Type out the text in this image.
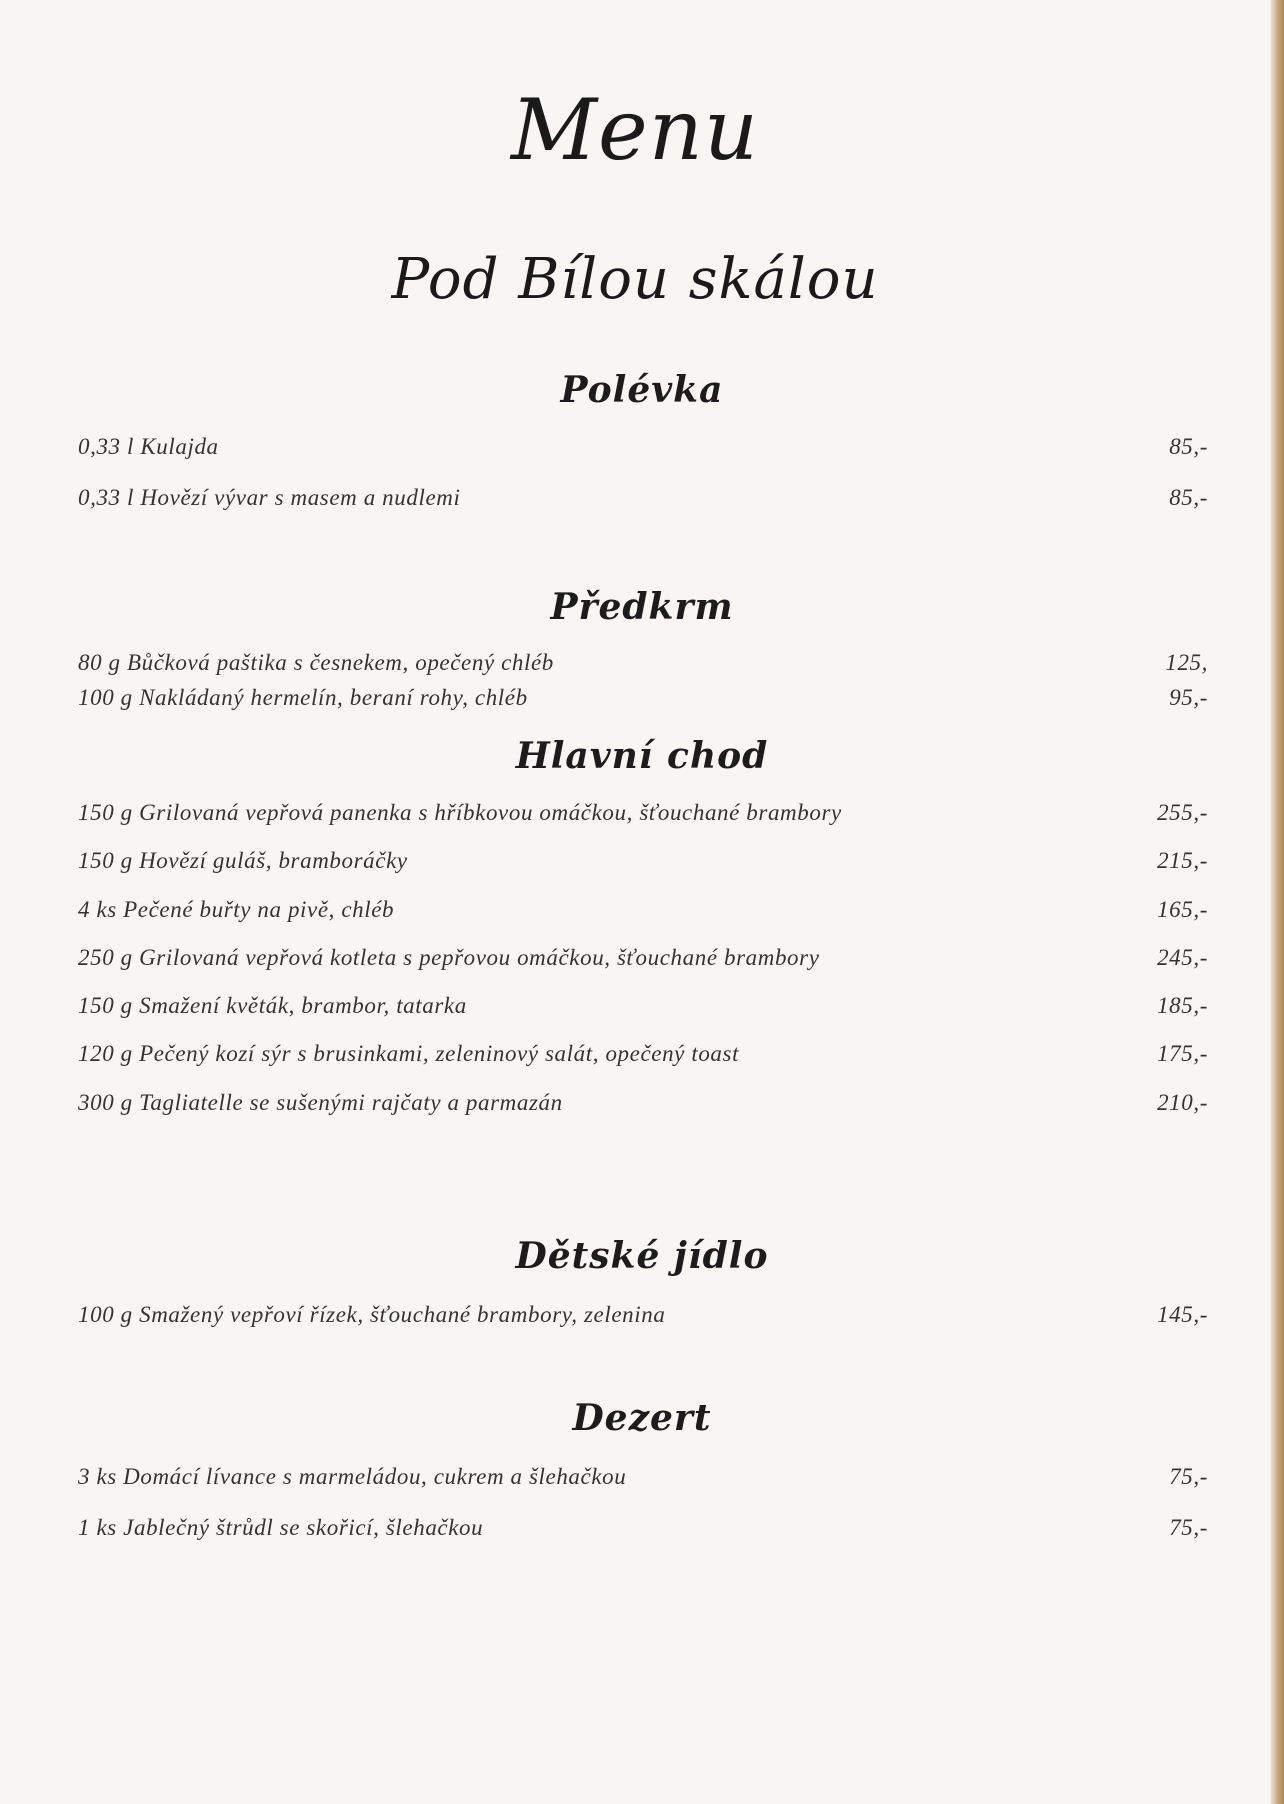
Menu
Pod Bílou skálou
Polévka
0,33 l Kulajda	85,-
0,33 l Hovězí vývar s masem a nudlemi	85,-
Předkrm
80 g Bůčková paštika s česnekem, opečený chléb	125,
100 g Nakládaný hermelín, beraní rohy, chléb	95,-
Hlavní chod
150 g Grilovaná vepřová panenka s hříbkovou omáčkou, šťouchané brambory	255,-
150 g Hovězí guláš, bramboráčky	215,-
4 ks Pečené buřty na pivě, chléb	165,-
250 g Grilovaná vepřová kotleta s pepřovou omáčkou, šťouchané brambory	245,-
150 g Smažení květák, brambor, tatarka	185,-
120 g Pečený kozí sýr s brusinkami, zeleninový salát, opečený toast	175,-
300 g Tagliatelle se sušenými rajčaty a parmazán	210,-
Dětské jídlo
100 g Smažený vepřoví řízek, šťouchané brambory, zelenina	145,-
Dezert
3 ks Domácí lívance s marmeládou, cukrem a šlehačkou	75,-
1 ks Jablečný štrůdl se skořicí, šlehačkou	75,-
